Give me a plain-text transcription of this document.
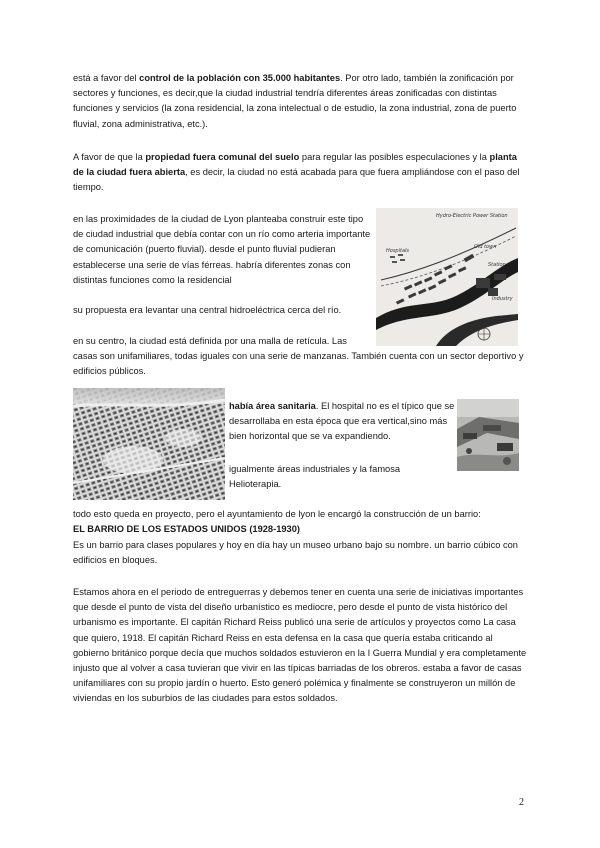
está a favor del control de la población con 35.000 habitantes. Por otro lado, también la zonificación por sectores y funciones, es decir,que la ciudad industrial tendría diferentes áreas zonificadas con distintas funciones y servicios (la zona residencial, la zona intelectual o de estudio, la zona industrial, zona de puerto fluvial, zona administrativa, etc.).

A favor de que la propiedad fuera comunal del suelo para regular las posibles especulaciones y la planta de la ciudad fuera abierta, es decir, la ciudad no está acabada para que fuera ampliándose con el paso del tiempo.

en las proximidades de la ciudad de Lyon planteaba construir este tipo de ciudad industrial que debía contar con un río como arteria importante de comunicación (puerto fluvial). desde el punto fluvial pudieran establecerse una serie de vías férreas. habría diferentes zonas con distintas funciones como la residencial

su propuesta era levantar una central hidroeléctrica cerca del río.

Hydro-Electric Power Station
Old town
Station
Hospitals
Industry

en su centro, la ciudad está definida por una malla de retícula. Las

casas son unifamiliares, todas iguales con una serie de manzanas. También cuenta con un sector deportivo y edificios públicos.

había área sanitaria. El hospital no es el típico que se desarrollaba en esta época que era vertical,sino más bien horizontal que se va expandiendo.

igualmente áreas industriales y la famosa Helioterapia.

todo esto queda en proyecto, pero el ayuntamiento de lyon le encargó la construcción de un barrio:

EL BARRIO DE LOS ESTADOS UNIDOS (1928-1930)

Es un barrio para clases populares y hoy en día hay un museo urbano bajo su nombre. un barrio cúbico con edificios en bloques.

Estamos ahora en el periodo de entreguerras y debemos tener en cuenta una serie de iniciativas importantes que desde el punto de vista del diseño urbanístico es mediocre, pero desde el punto de vista histórico del urbanismo es importante. El capitán Richard Reiss publicó una serie de artículos y proyectos como La casa que quiero, 1918. El capitán Richard Reiss en esta defensa en la casa que quería estaba criticando al gobierno británico porque decía que muchos soldados estuvieron en la I Guerra Mundial y era completamente injusto que al volver a casa tuvieran que vivir en las típicas barriadas de los obreros. estaba a favor de casas unifamiliares con su propio jardín o huerto. Esto generó polémica y finalmente se construyeron un millón de viviendas en los suburbios de las ciudades para estos soldados.

2
